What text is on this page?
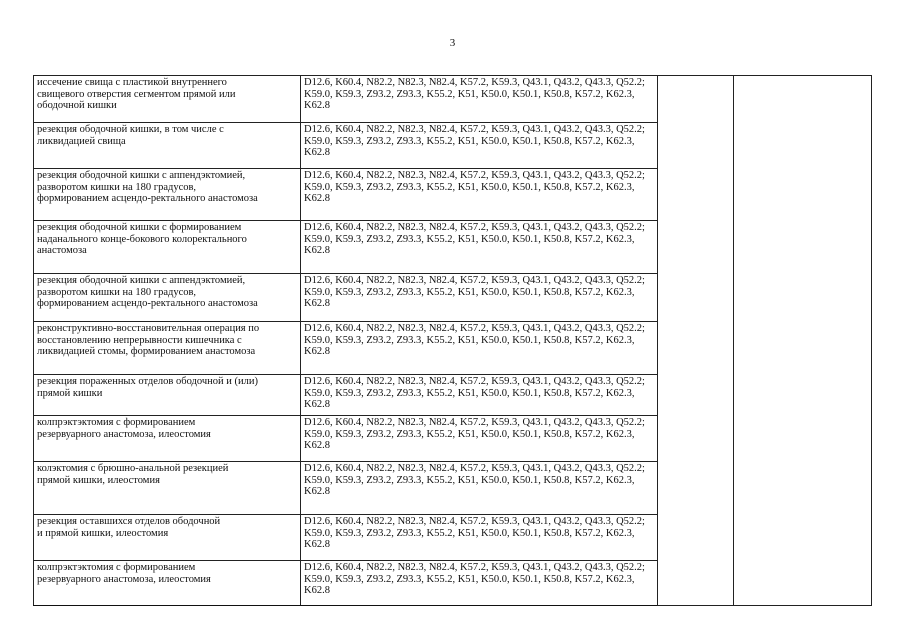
3
иссечение свища с пластикой внутреннего
свищевого отверстия сегментом прямой или
ободочной кишки	D12.6, K60.4, N82.2, N82.3, N82.4, K57.2, K59.3, Q43.1, Q43.2, Q43.3, Q52.2; K59.0, K59.3, Z93.2, Z93.3, K55.2, K51, K50.0, K50.1, K50.8, K57.2, K62.3, K62.8		
резекция ободочной кишки, в том числе с
ликвидацией свища	D12.6, K60.4, N82.2, N82.3, N82.4, K57.2, K59.3, Q43.1, Q43.2, Q43.3, Q52.2; K59.0, K59.3, Z93.2, Z93.3, K55.2, K51, K50.0, K50.1, K50.8, K57.2, K62.3, K62.8		
резекция ободочной кишки с аппендэктомией,
разворотом кишки на 180 градусов,
формированием асцендо-ректального анастомоза	D12.6, K60.4, N82.2, N82.3, N82.4, K57.2, K59.3, Q43.1, Q43.2, Q43.3, Q52.2; K59.0, K59.3, Z93.2, Z93.3, K55.2, K51, K50.0, K50.1, K50.8, K57.2, K62.3, K62.8		
резекция ободочной кишки с формированием
наданального конце-бокового колоректального
анастомоза	D12.6, K60.4, N82.2, N82.3, N82.4, K57.2, K59.3, Q43.1, Q43.2, Q43.3, Q52.2; K59.0, K59.3, Z93.2, Z93.3, K55.2, K51, K50.0, K50.1, K50.8, K57.2, K62.3, K62.8		
резекция ободочной кишки с аппендэктомией,
разворотом кишки на 180 градусов,
формированием асцендо-ректального анастомоза	D12.6, K60.4, N82.2, N82.3, N82.4, K57.2, K59.3, Q43.1, Q43.2, Q43.3, Q52.2; K59.0, K59.3, Z93.2, Z93.3, K55.2, K51, K50.0, K50.1, K50.8, K57.2, K62.3, K62.8		
реконструктивно-восстановительная операция по
восстановлению непрерывности кишечника с
ликвидацией стомы, формированием анастомоза	D12.6, K60.4, N82.2, N82.3, N82.4, K57.2, K59.3, Q43.1, Q43.2, Q43.3, Q52.2; K59.0, K59.3, Z93.2, Z93.3, K55.2, K51, K50.0, K50.1, K50.8, K57.2, K62.3, K62.8		
резекция пораженных отделов ободочной и (или)
прямой кишки	D12.6, K60.4, N82.2, N82.3, N82.4, K57.2, K59.3, Q43.1, Q43.2, Q43.3, Q52.2; K59.0, K59.3, Z93.2, Z93.3, K55.2, K51, K50.0, K50.1, K50.8, K57.2, K62.3, K62.8		
колпрэктэктомия с формированием
резервуарного анастомоза, илеостомия	D12.6, K60.4, N82.2, N82.3, N82.4, K57.2, K59.3, Q43.1, Q43.2, Q43.3, Q52.2; K59.0, K59.3, Z93.2, Z93.3, K55.2, K51, K50.0, K50.1, K50.8, K57.2, K62.3, K62.8		
колэктомия с брюшно-анальной резекцией
прямой кишки, илеостомия	D12.6, K60.4, N82.2, N82.3, N82.4, K57.2, K59.3, Q43.1, Q43.2, Q43.3, Q52.2; K59.0, K59.3, Z93.2, Z93.3, K55.2, K51, K50.0, K50.1, K50.8, K57.2, K62.3, K62.8		
резекция оставшихся отделов ободочной
и прямой кишки, илеостомия	D12.6, K60.4, N82.2, N82.3, N82.4, K57.2, K59.3, Q43.1, Q43.2, Q43.3, Q52.2; K59.0, K59.3, Z93.2, Z93.3, K55.2, K51, K50.0, K50.1, K50.8, K57.2, K62.3, K62.8		
колпрэктэктомия с формированием
резервуарного анастомоза, илеостомия	D12.6, K60.4, N82.2, N82.3, N82.4, K57.2, K59.3, Q43.1, Q43.2, Q43.3, Q52.2; K59.0, K59.3, Z93.2, Z93.3, K55.2, K51, K50.0, K50.1, K50.8, K57.2, K62.3, K62.8		
